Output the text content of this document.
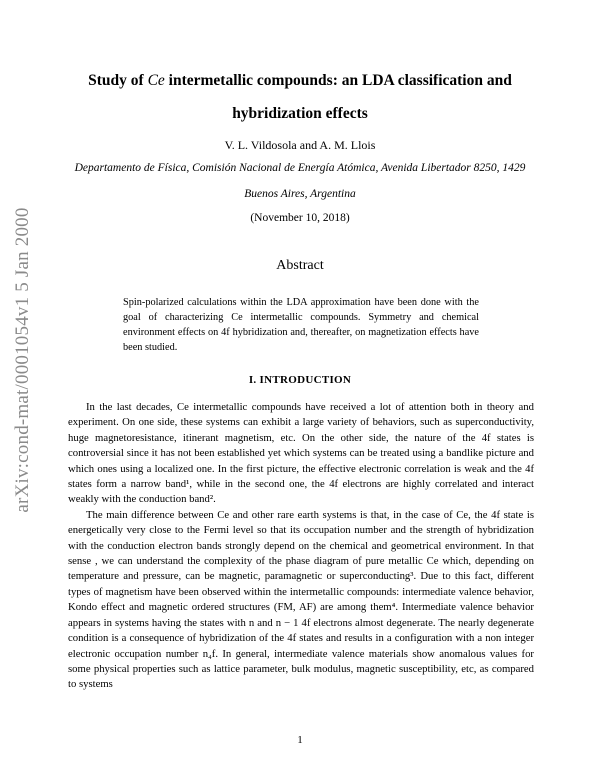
arXiv:cond-mat/0001054v1 5 Jan 2000
Study of Ce intermetallic compounds: an LDA classification and
hybridization effects
V. L. Vildosola and A. M. Llois
Departamento de Física, Comisión Nacional de Energía Atómica, Avenida Libertador 8250, 1429
Buenos Aires, Argentina
(November 10, 2018)
Abstract

Spin-polarized calculations within the LDA approximation have been done with the goal of characterizing Ce intermetallic compounds. Symmetry and chemical environment effects on 4f hybridization and, thereafter, on magnetization effects have been studied.

I. INTRODUCTION

In the last decades, Ce intermetallic compounds have received a lot of attention both in theory and experiment. On one side, these systems can exhibit a large variety of behaviors, such as superconductivity, huge magnetoresistance, itinerant magnetism, etc. On the other side, the nature of the 4f states is controversial since it has not been established yet which systems can be treated using a bandlike picture and which ones using a localized one. In the first picture, the effective electronic correlation is weak and the 4f states form a narrow band¹, while in the second one, the 4f electrons are highly correlated and interact weakly with the conduction band².

The main difference between Ce and other rare earth systems is that, in the case of Ce, the 4f state is energetically very close to the Fermi level so that its occupation number and the strength of hybridization with the conduction electron bands strongly depend on the chemical and geometrical environment. In that sense , we can understand the complexity of the phase diagram of pure metallic Ce which, depending on temperature and pressure, can be magnetic, paramagnetic or superconducting³. Due to this fact, different types of magnetism have been observed within the intermetallic compounds: intermediate valence behavior, Kondo effect and magnetic ordered structures (FM, AF) are among them⁴. Intermediate valence behavior appears in systems having the states with n and n − 1 4f electrons almost degenerate. The nearly degenerate condition is a consequence of hybridization of the 4f states and results in a configuration with a non integer electronic occupation number n₄f. In general, intermediate valence materials show anomalous values for some physical properties such as lattice parameter, bulk modulus, magnetic susceptibility, etc, as compared to systems

1
